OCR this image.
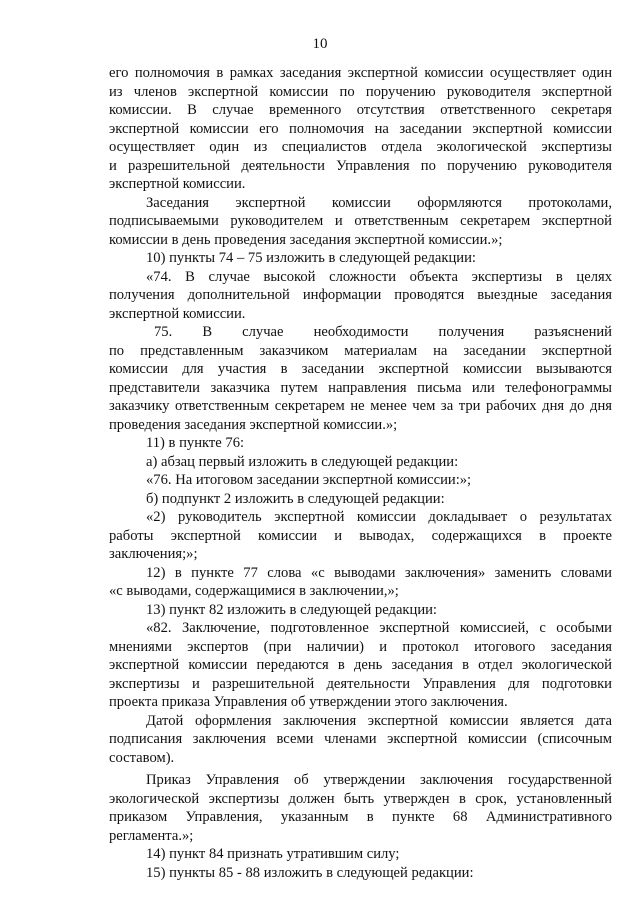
10
его полномочия в рамках заседания экспертной комиссии осуществляет один
из членов экспертной комиссии по поручению руководителя экспертной
комиссии. В случае временного отсутствия ответственного секретаря
экспертной комиссии его полномочия на заседании экспертной комиссии
осуществляет один из специалистов отдела экологической экспертизы
и разрешительной деятельности Управления по поручению руководителя
экспертной комиссии.
Заседания экспертной комиссии оформляются протоколами,
подписываемыми руководителем и ответственным секретарем экспертной
комиссии в день проведения заседания экспертной комиссии.»;
10) пункты 74 – 75 изложить в следующей редакции:
«74. В случае высокой сложности объекта экспертизы в целях
получения дополнительной информации проводятся выездные заседания
экспертной комиссии.
75. В случае необходимости получения разъяснений
по представленным заказчиком материалам на заседании экспертной
комиссии для участия в заседании экспертной комиссии вызываются
представители заказчика путем направления письма или телефонограммы
заказчику ответственным секретарем не менее чем за три рабочих дня до дня
проведения заседания экспертной комиссии.»;
11) в пункте 76:
а) абзац первый изложить в следующей редакции:
«76. На итоговом заседании экспертной комиссии:»;
б) подпункт 2 изложить в следующей редакции:
«2) руководитель экспертной комиссии докладывает о результатах
работы экспертной комиссии и выводах, содержащихся в проекте
заключения;»;
12) в пункте 77 слова «с выводами заключения» заменить словами
«с выводами, содержащимися в заключении,»;
13) пункт 82 изложить в следующей редакции:
«82. Заключение, подготовленное экспертной комиссией, с особыми
мнениями экспертов (при наличии) и протокол итогового заседания
экспертной комиссии передаются в день заседания в отдел экологической
экспертизы и разрешительной деятельности Управления для подготовки
проекта приказа Управления об утверждении этого заключения.
Датой оформления заключения экспертной комиссии является дата
подписания заключения всеми членами экспертной комиссии (списочным
составом).
Приказ Управления об утверждении заключения государственной
экологической экспертизы должен быть утвержден в срок, установленный
приказом Управления, указанным в пункте 68 Административного
регламента.»;
14) пункт 84 признать утратившим силу;
15) пункты 85 - 88 изложить в следующей редакции:
